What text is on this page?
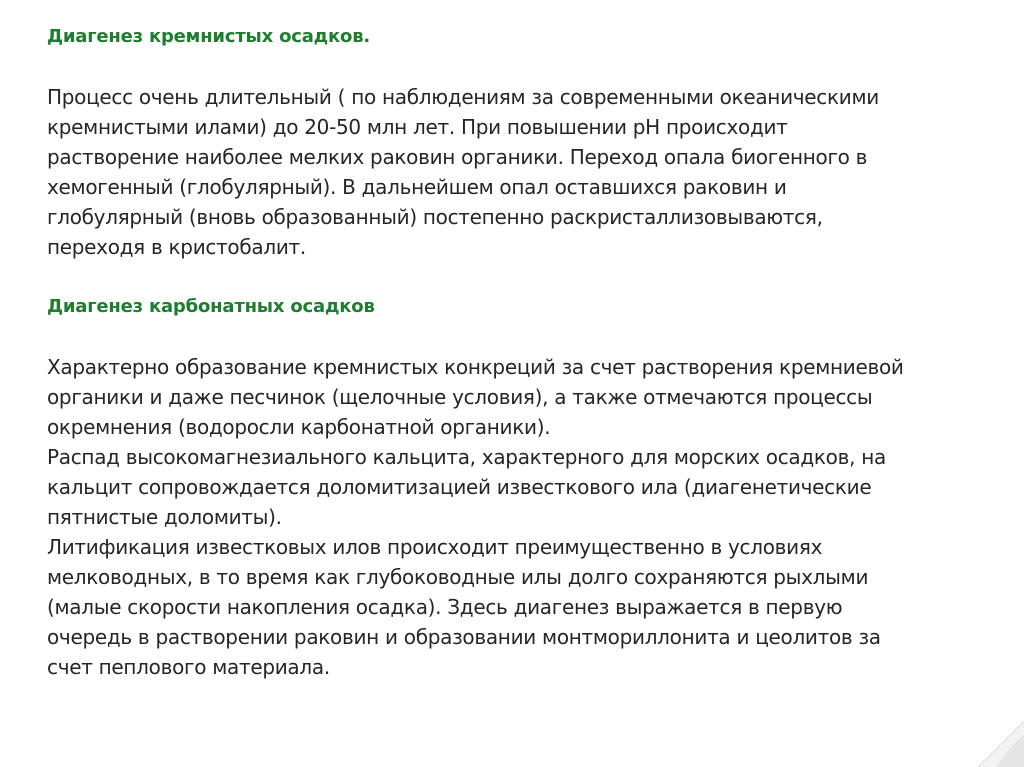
Диагенез кремнистых осадков.

Процесс очень длительный ( по наблюдениям за современными океаническими

кремнистыми илами) до 20-50 млн лет. При повышении рН происходит

растворение наиболее мелких раковин органики. Переход опала биогенного в

хемогенный (глобулярный). В дальнейшем опал оставшихся раковин и

глобулярный (вновь образованный) постепенно раскристаллизовываются,

переходя в кристобалит.

Диагенез карбонатных осадков

Характерно образование кремнистых конкреций за счет растворения кремниевой

органики и даже песчинок (щелочные условия), а также отмечаются процессы

окремнения (водоросли карбонатной органики).

Распад высокомагнезиального кальцита, характерного для морских осадков, на

кальцит сопровождается доломитизацией известкового ила (диагенетические

пятнистые доломиты).

Литификация известковых илов происходит преимущественно в условиях

мелководных, в то время как глубоководные илы долго сохраняются рыхлыми

(малые скорости накопления осадка). Здесь диагенез выражается в первую

очередь в растворении раковин и образовании монтмориллонита и цеолитов за

счет пеплового материала.
